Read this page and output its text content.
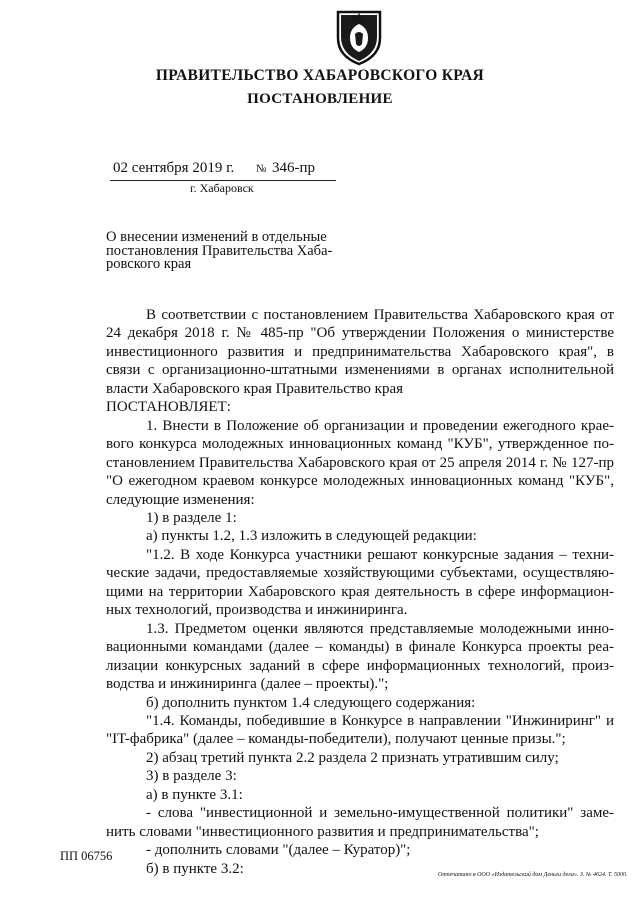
ПРАВИТЕЛЬСТВО ХАБАРОВСКОГО КРАЯ
ПОСТАНОВЛЕНИЕ
02 сентября 2019 г. № 346-пр
г. Хабаровск
О внесении изменений в отдельные
постановления Правительства Хаба-
ровского края
В соответствии с постановлением Правительства Хабаровского края от
24 декабря 2018 г. № 485-пр "Об утверждении Положения о министерстве
инвестиционного развития и предпринимательства Хабаровского края", в
связи с организационно-штатными изменениями в органах исполнительной
власти Хабаровского края Правительство края
ПОСТАНОВЛЯЕТ:
1. Внести в Положение об организации и проведении ежегодного крае-
вого конкурса молодежных инновационных команд "КУБ", утвержденное по-
становлением Правительства Хабаровского края от 25 апреля 2014 г. № 127-пр
"О ежегодном краевом конкурсе молодежных инновационных команд "КУБ",
следующие изменения:
1) в разделе 1:
а) пункты 1.2, 1.3 изложить в следующей редакции:
"1.2. В ходе Конкурса участники решают конкурсные задания – техни-
ческие задачи, предоставляемые хозяйствующими субъектами, осуществляю-
щими на территории Хабаровского края деятельность в сфере информацион-
ных технологий, производства и инжиниринга.
1.3. Предметом оценки являются представляемые молодежными инно-
вационными командами (далее – команды) в финале Конкурса проекты реа-
лизации конкурсных заданий в сфере информационных технологий, произ-
водства и инжиниринга (далее – проекты).";
б) дополнить пунктом 1.4 следующего содержания:
"1.4. Команды, победившие в Конкурсе в направлении "Инжиниринг" и
"IT-фабрика" (далее – команды-победители), получают ценные призы.";
2) абзац третий пункта 2.2 раздела 2 признать утратившим силу;
3) в разделе 3:
а) в пункте 3.1:
- слова "инвестиционной и земельно-имущественной политики" заме-
нить словами "инвестиционного развития и предпринимательства";
- дополнить словами "(далее – Куратор)";
б) в пункте 3.2:
ПП 06756
Отпечатано в ООО «Издательский дом Деньги дела». З. № 4624. Т. 5000.
